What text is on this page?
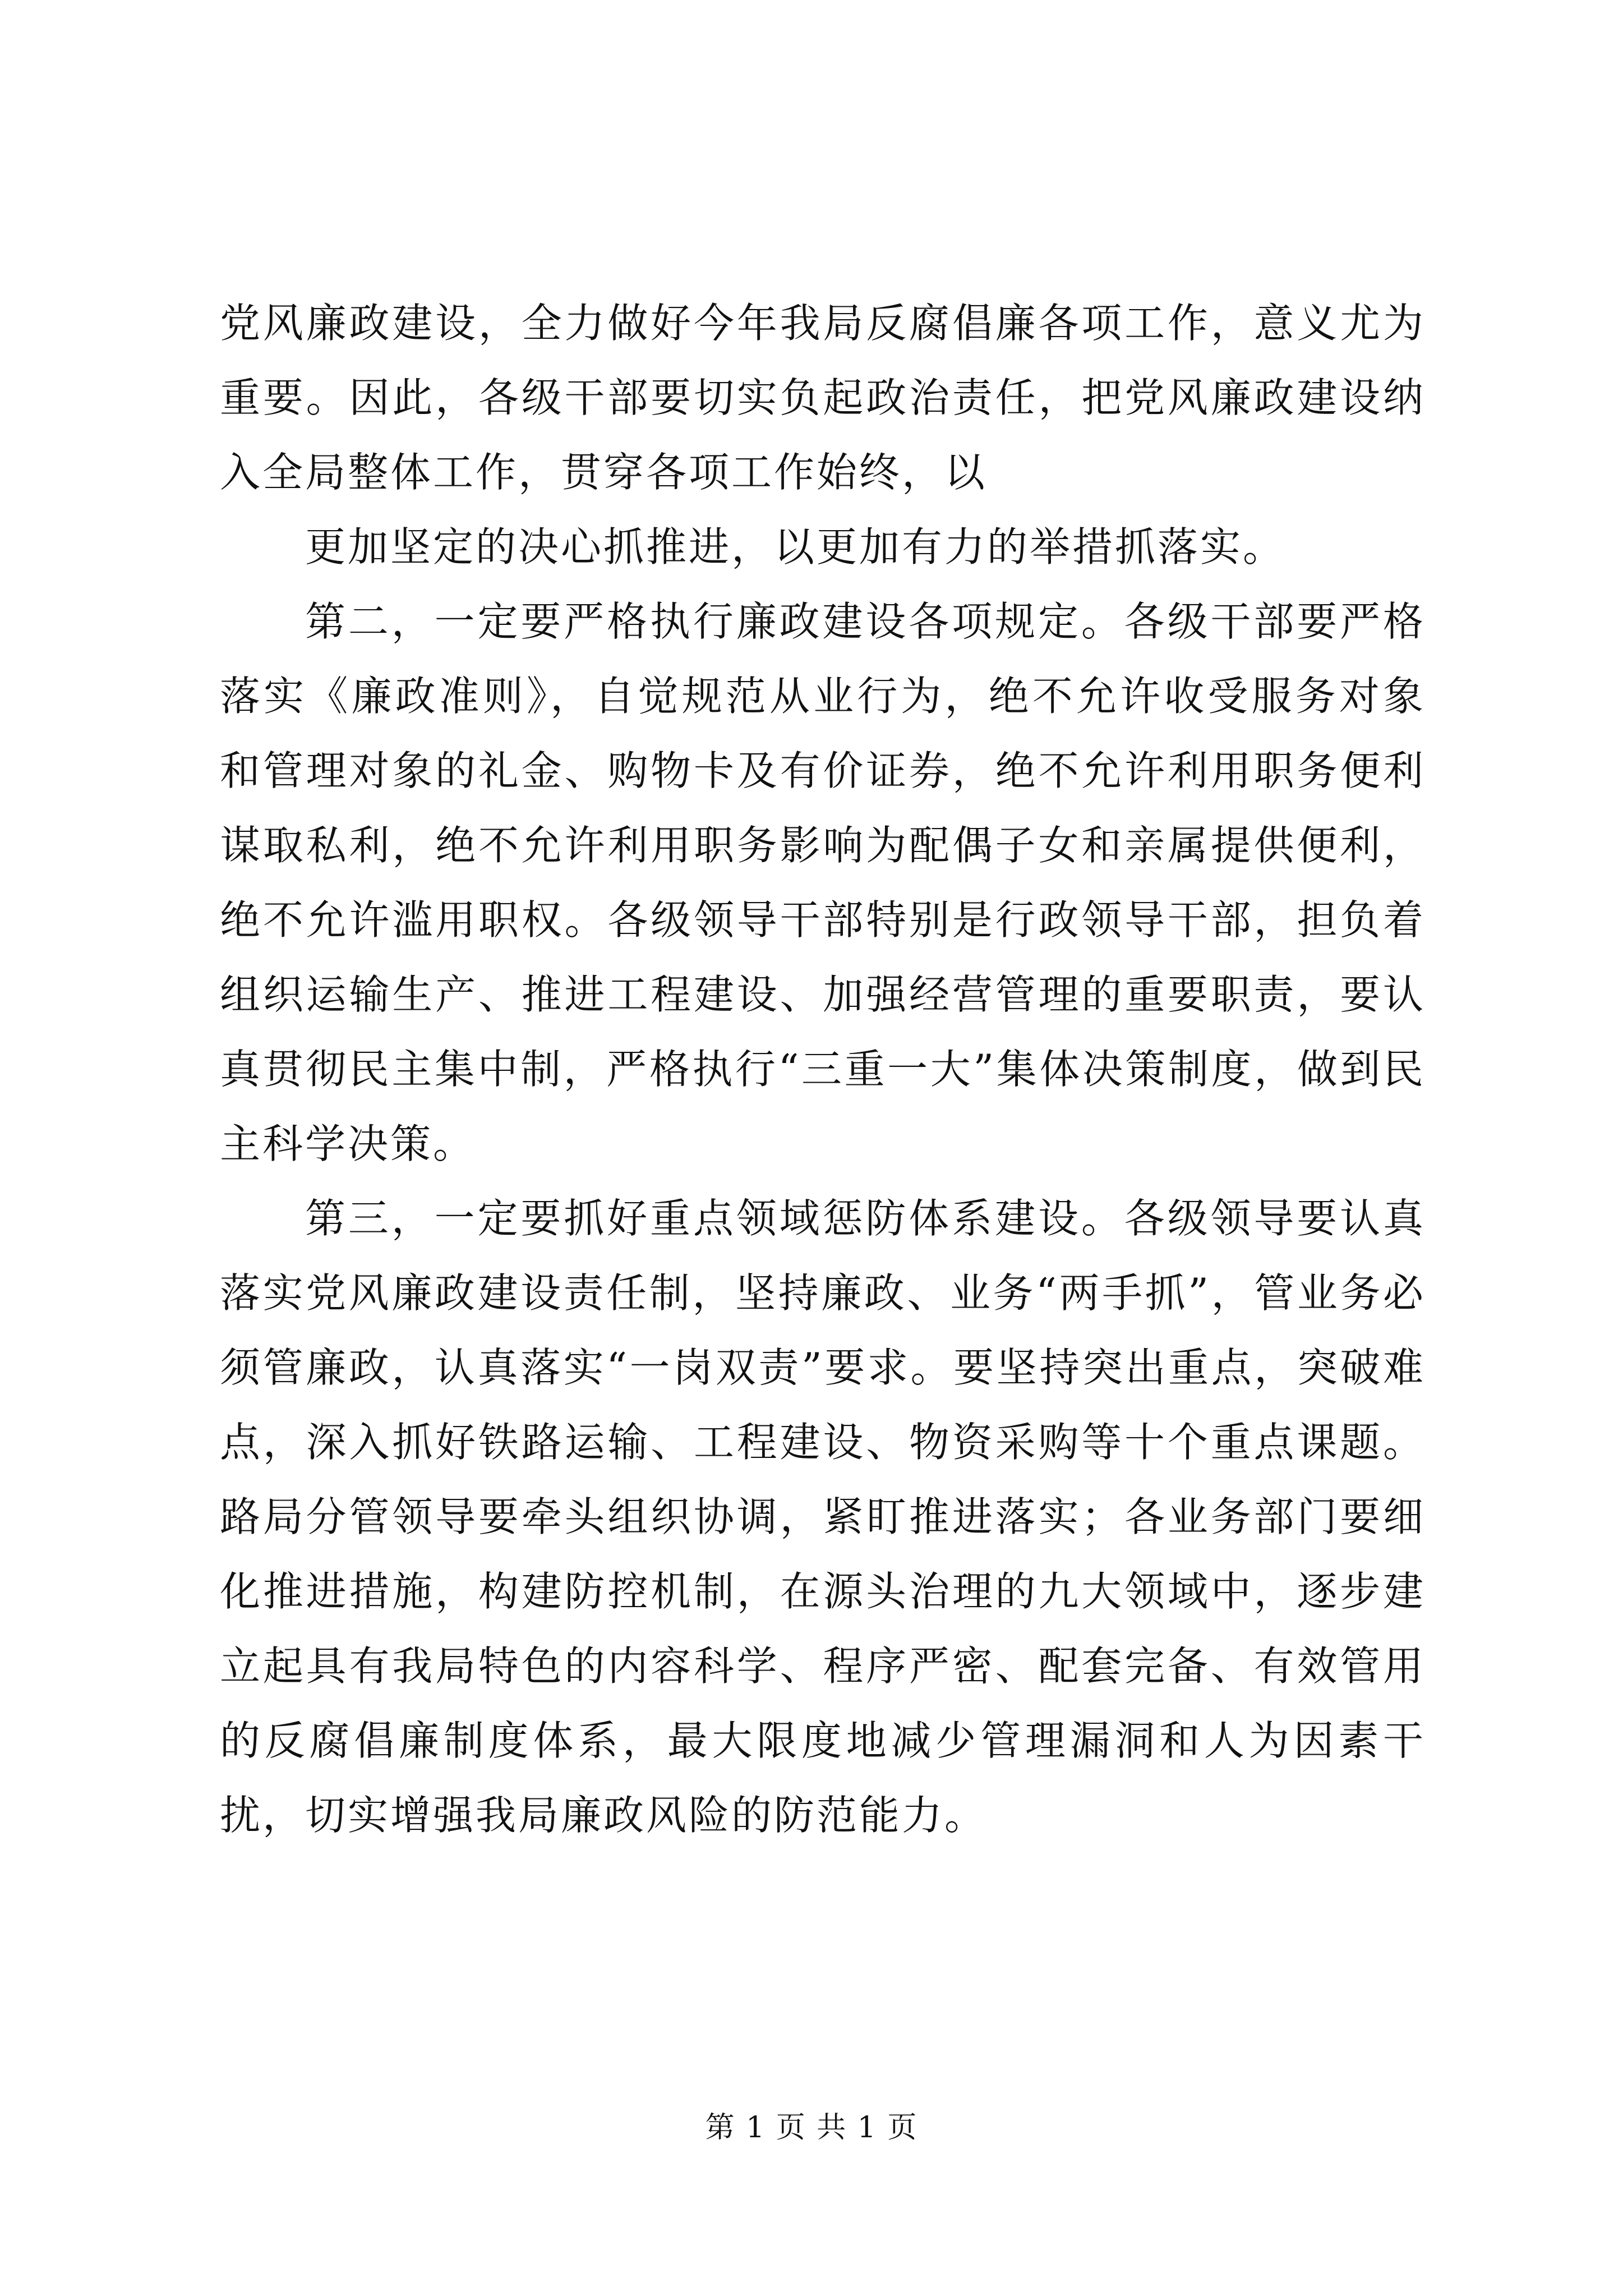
党风廉政建设，全力做好今年我局反腐倡廉各项工作，意义尤为重要。因此，各级干部要切实负起政治责任，把党风廉政建设纳入全局整体工作，贯穿各项工作始终，以

更加坚定的决心抓推进，以更加有力的举措抓落实。

第二，一定要严格执行廉政建设各项规定。各级干部要严格落实《廉政准则》，自觉规范从业行为，绝不允许收受服务对象和管理对象的礼金、购物卡及有价证券，绝不允许利用职务便利谋取私利，绝不允许利用职务影响为配偶子女和亲属提供便利，绝不允许滥用职权。各级领导干部特别是行政领导干部，担负着组织运输生产、推进工程建设、加强经营管理的重要职责，要认真贯彻民主集中制，严格执行“三重一大”集体决策制度，做到民主科学决策。

第三，一定要抓好重点领域惩防体系建设。各级领导要认真落实党风廉政建设责任制，坚持廉政、业务“两手抓”，管业务必须管廉政，认真落实“一岗双责”要求。要坚持突出重点，突破难点，深入抓好铁路运输、工程建设、物资采购等十个重点课题。路局分管领导要牵头组织协调，紧盯推进落实；各业务部门要细化推进措施，构建防控机制，在源头治理的九大领域中，逐步建立起具有我局特色的内容科学、程序严密、配套完备、有效管用的反腐倡廉制度体系，最大限度地减少管理漏洞和人为因素干扰，切实增强我局廉政风险的防范能力。

第 1 页 共 1 页
